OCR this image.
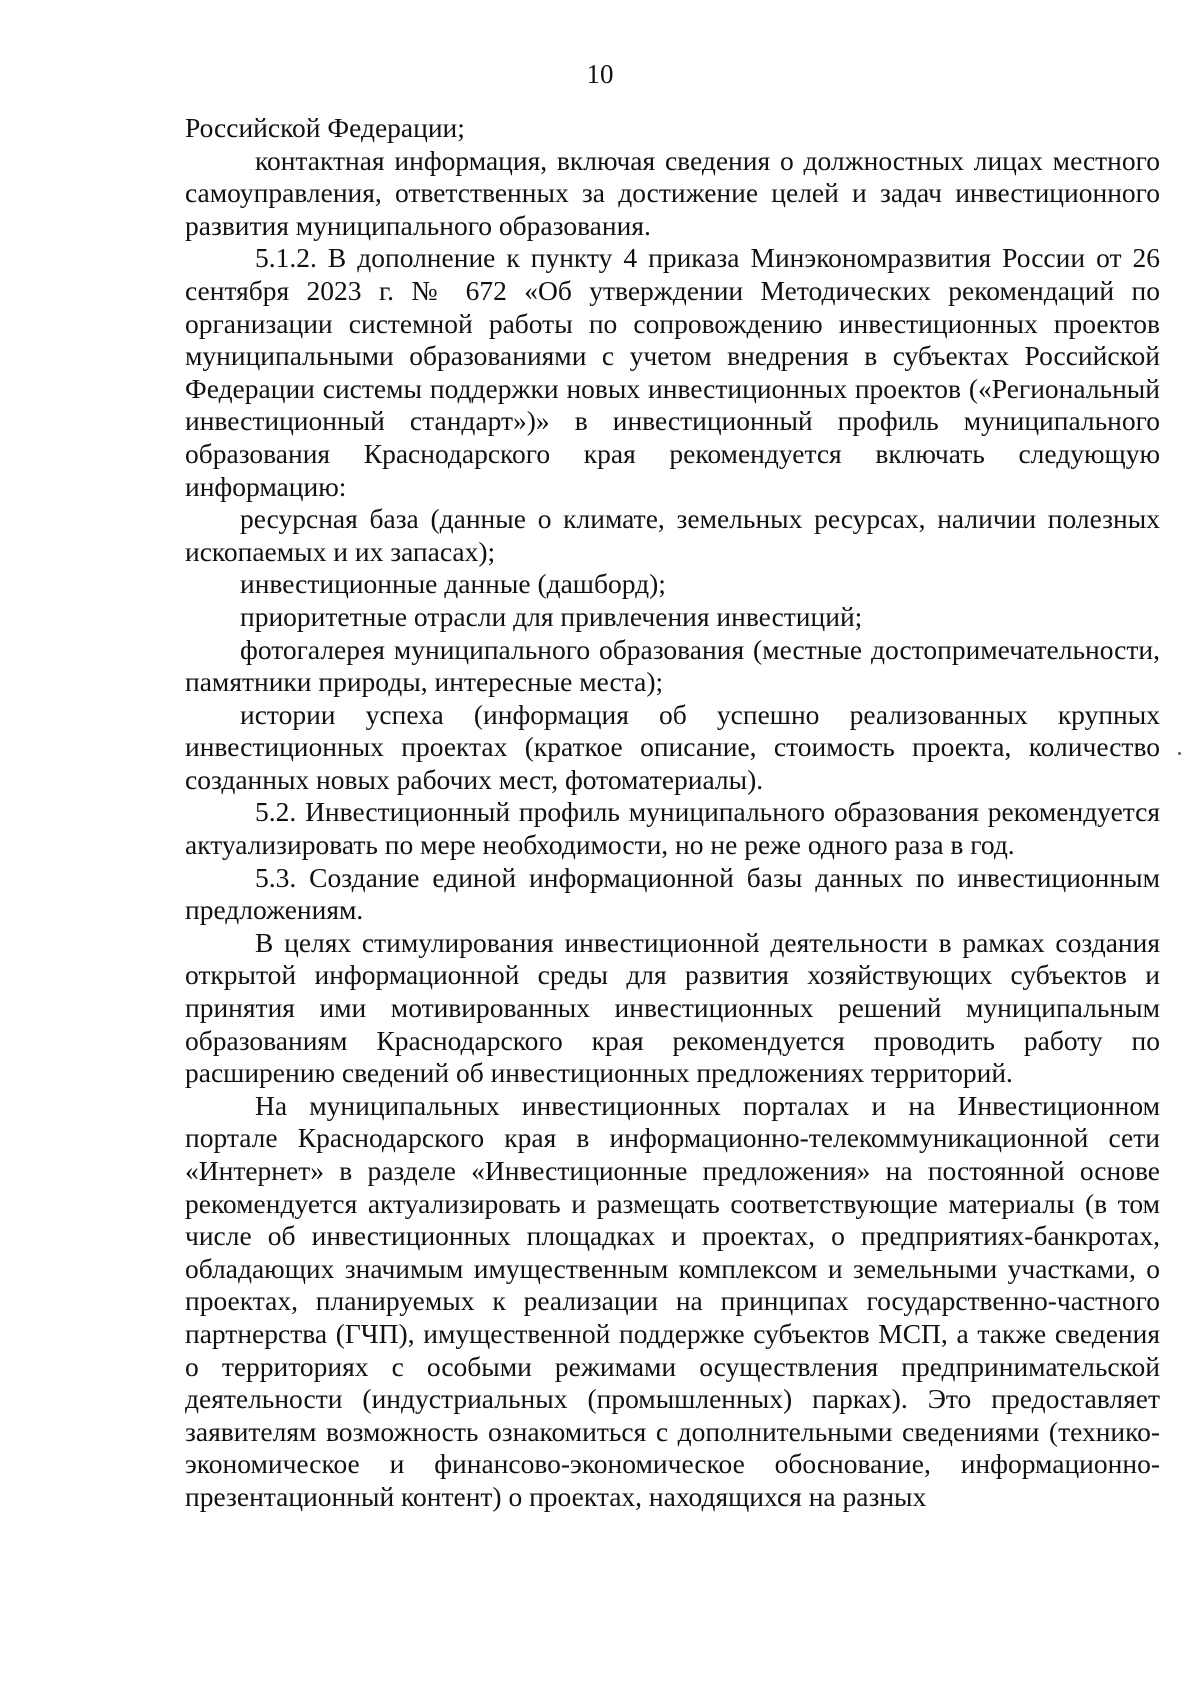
10

Российской Федерации;

контактная информация, включая сведения о должностных лицах местного самоуправления, ответственных за достижение целей и задач инвестиционного развития муниципального образования.

5.1.2. В дополнение к пункту 4 приказа Минэкономразвития России от 26 сентября 2023 г. № 672 «Об утверждении Методических рекомендаций по организации системной работы по сопровождению инвестиционных проектов муниципальными образованиями с учетом внедрения в субъектах Российской Федерации системы поддержки новых инвестиционных проектов («Региональный инвестиционный стандарт»)» в инвестиционный профиль муниципального образования Краснодарского края рекомендуется включать следующую информацию:

ресурсная база (данные о климате, земельных ресурсах, наличии полезных ископаемых и их запасах);

инвестиционные данные (дашборд);

приоритетные отрасли для привлечения инвестиций;

фотогалерея муниципального образования (местные достопримечательности, памятники природы, интересные места);

истории успеха (информация об успешно реализованных крупных инвестиционных проектах (краткое описание, стоимость проекта, количество созданных новых рабочих мест, фотоматериалы).

5.2. Инвестиционный профиль муниципального образования рекомендуется актуализировать по мере необходимости, но не реже одного раза в год.

5.3. Создание единой информационной базы данных по инвестиционным предложениям.

В целях стимулирования инвестиционной деятельности в рамках создания открытой информационной среды для развития хозяйствующих субъектов и принятия ими мотивированных инвестиционных решений муниципальным образованиям Краснодарского края рекомендуется проводить работу по расширению сведений об инвестиционных предложениях территорий.

На муниципальных инвестиционных порталах и на Инвестиционном портале Краснодарского края в информационно-телекоммуникационной сети «Интернет» в разделе «Инвестиционные предложения» на постоянной основе рекомендуется актуализировать и размещать соответствующие материалы (в том числе об инвестиционных площадках и проектах, о предприятиях-банкротах, обладающих значимым имущественным комплексом и земельными участками, о проектах, планируемых к реализации на принципах государственно-частного партнерства (ГЧП), имущественной поддержке субъектов МСП, а также сведения о территориях с особыми режимами осуществления предпринимательской деятельности (индустриальных (промышленных) парках). Это предоставляет заявителям возможность ознакомиться с дополнительными сведениями (технико-экономическое и финансово-экономическое обоснование, информационно-презентационный контент) о проектах, находящихся на разных
